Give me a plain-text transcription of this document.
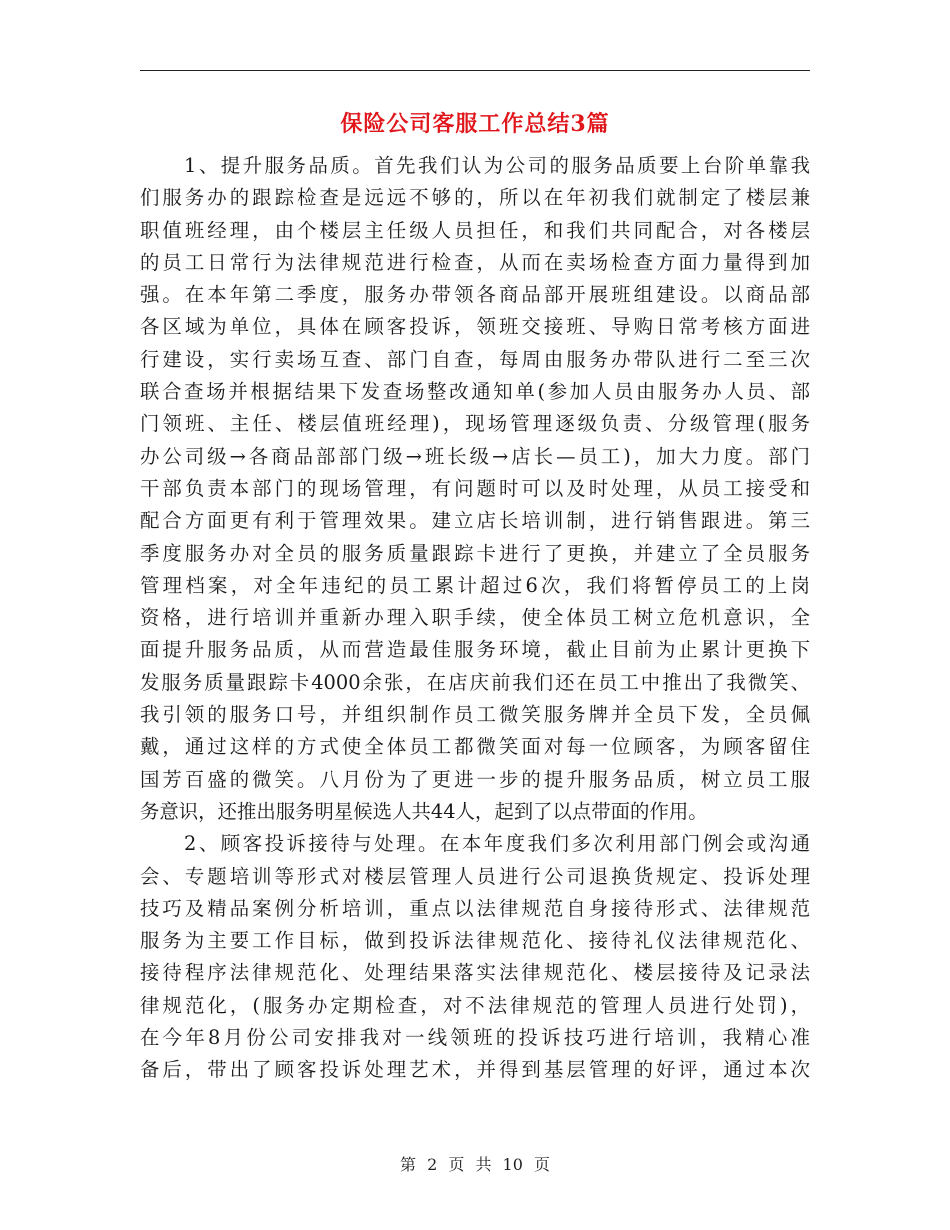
保险公司客服工作总结3篇
1、提升服务品质。首先我们认为公司的服务品质要上台阶单靠我
们服务办的跟踪检查是远远不够的，所以在年初我们就制定了楼层兼
职值班经理，由个楼层主任级人员担任，和我们共同配合，对各楼层
的员工日常行为法律规范进行检查，从而在卖场检查方面力量得到加
强。在本年第二季度，服务办带领各商品部开展班组建设。以商品部
各区域为单位，具体在顾客投诉，领班交接班、导购日常考核方面进
行建设，实行卖场互查、部门自查，每周由服务办带队进行二至三次
联合查场并根据结果下发查场整改通知单(参加人员由服务办人员、部
门领班、主任、楼层值班经理)，现场管理逐级负责、分级管理(服务
办公司级→各商品部部门级→班长级→店长—员工)，加大力度。部门
干部负责本部门的现场管理，有问题时可以及时处理，从员工接受和
配合方面更有利于管理效果。建立店长培训制，进行销售跟进。第三
季度服务办对全员的服务质量跟踪卡进行了更换，并建立了全员服务
管理档案，对全年违纪的员工累计超过6次，我们将暂停员工的上岗
资格，进行培训并重新办理入职手续，使全体员工树立危机意识，全
面提升服务品质，从而营造最佳服务环境，截止目前为止累计更换下
发服务质量跟踪卡4000余张，在店庆前我们还在员工中推出了我微笑、
我引领的服务口号，并组织制作员工微笑服务牌并全员下发，全员佩
戴，通过这样的方式使全体员工都微笑面对每一位顾客，为顾客留住
国芳百盛的微笑。八月份为了更进一步的提升服务品质，树立员工服
务意识，还推出服务明星候选人共44人，起到了以点带面的作用。
2、顾客投诉接待与处理。在本年度我们多次利用部门例会或沟通
会、专题培训等形式对楼层管理人员进行公司退换货规定、投诉处理
技巧及精品案例分析培训，重点以法律规范自身接待形式、法律规范
服务为主要工作目标，做到投诉法律规范化、接待礼仪法律规范化、
接待程序法律规范化、处理结果落实法律规范化、楼层接待及记录法
律规范化，(服务办定期检查，对不法律规范的管理人员进行处罚)，
在今年8月份公司安排我对一线领班的投诉技巧进行培训，我精心准
备后，带出了顾客投诉处理艺术，并得到基层管理的好评，通过本次
第 2 页 共 10 页
